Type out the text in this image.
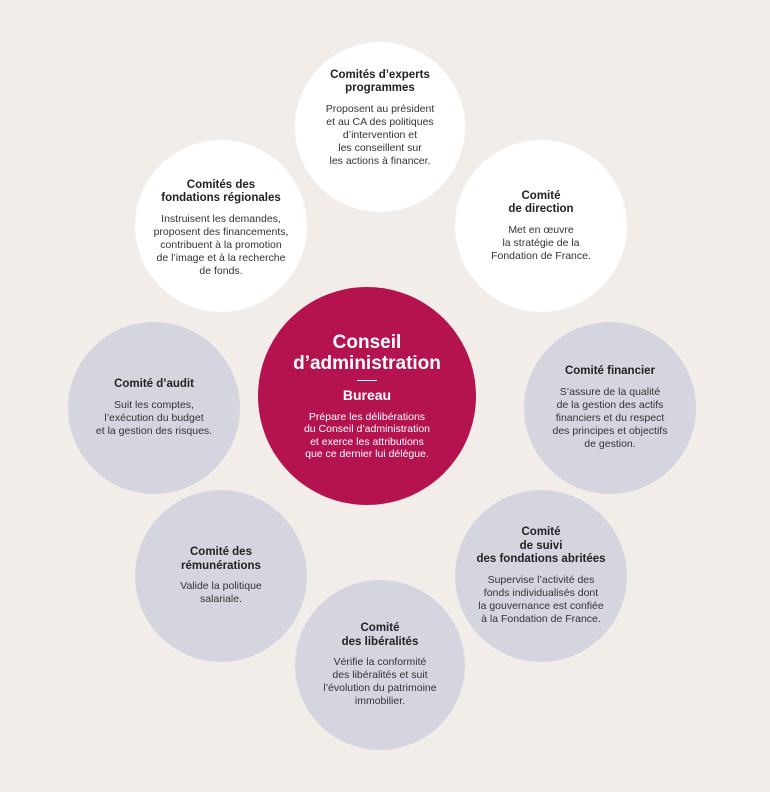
Conseil
d’administration
Bureau
Prépare les délibérations
du Conseil d’administration
et exerce les attributions
que ce dernier lui délègue.
Comités d’experts
programmes
Proposent au président
et au CA des politiques
d’intervention et
les conseillent sur
les actions à financer.
Comités des
fondations régionales
Instruisent les demandes,
proposent des financements,
contribuent à la promotion
de l’image et à la recherche
de fonds.
Comité
de direction
Met en œuvre
la stratégie de la
Fondation de France.
Comité d’audit
Suit les comptes,
l’exécution du budget
et la gestion des risques.
Comité financier
S’assure de la qualité
de la gestion des actifs
financiers et du respect
des principes et objectifs
de gestion.
Comité des
rémunérations
Valide la politique
salariale.
Comité
de suivi
des fondations abritées
Supervise l’activité des
fonds individualisés dont
la gouvernance est confiée
à la Fondation de France.
Comité
des libéralités
Vérifie la conformité
des libéralités et suit
l’évolution du patrimoine
immobilier.
